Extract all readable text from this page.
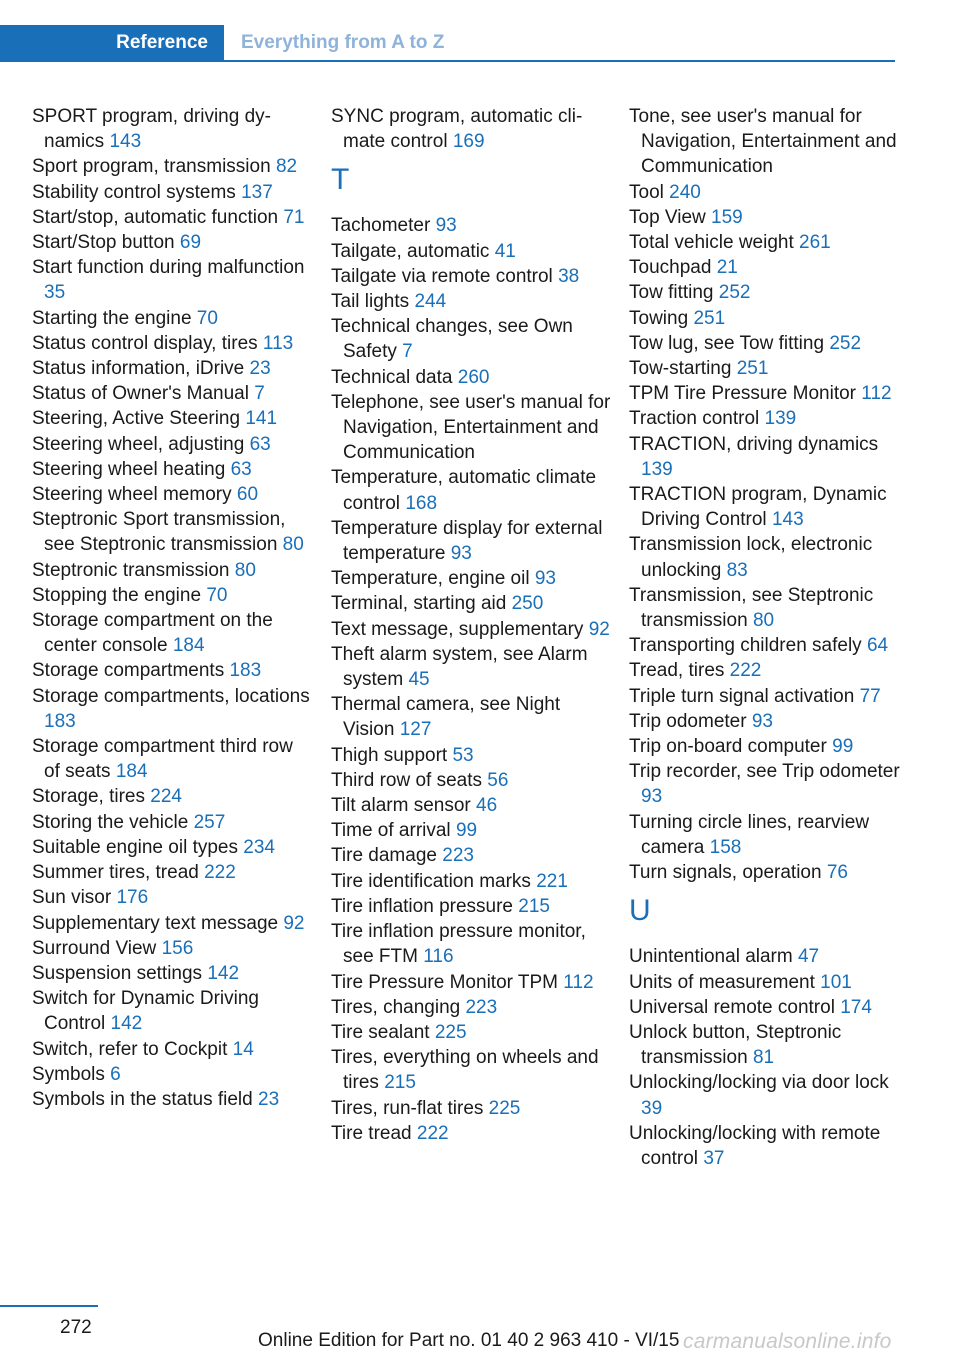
Reference Everything from A to Z
SPORT program, driving dynamics 143
Sport program, transmission 82
Stability control systems 137
Start/stop, automatic function 71
Start/Stop button 69
Start function during malfunction 35
Starting the engine 70
Status control display, tires 113
Status information, iDrive 23
Status of Owner's Manual 7
Steering, Active Steering 141
Steering wheel, adjusting 63
Steering wheel heating 63
Steering wheel memory 60
Steptronic Sport transmission, see Steptronic transmission 80
Steptronic transmission 80
Stopping the engine 70
Storage compartment on the center console 184
Storage compartments 183
Storage compartments, locations 183
Storage compartment third row of seats 184
Storage, tires 224
Storing the vehicle 257
Suitable engine oil types 234
Summer tires, tread 222
Sun visor 176
Supplementary text message 92
Surround View 156
Suspension settings 142
Switch for Dynamic Driving Control 142
Switch, refer to Cockpit 14
Symbols 6
Symbols in the status field 23
SYNC program, automatic climate control 169
T
Tachometer 93
Tailgate, automatic 41
Tailgate via remote control 38
Tail lights 244
Technical changes, see Own Safety 7
Technical data 260
Telephone, see user's manual for Navigation, Entertainment and Communication
Temperature, automatic climate control 168
Temperature display for external temperature 93
Temperature, engine oil 93
Terminal, starting aid 250
Text message, supplementary 92
Theft alarm system, see Alarm system 45
Thermal camera, see Night Vision 127
Thigh support 53
Third row of seats 56
Tilt alarm sensor 46
Time of arrival 99
Tire damage 223
Tire identification marks 221
Tire inflation pressure 215
Tire inflation pressure monitor, see FTM 116
Tire Pressure Monitor TPM 112
Tires, changing 223
Tire sealant 225
Tires, everything on wheels and tires 215
Tires, run-flat tires 225
Tire tread 222
Tone, see user's manual for Navigation, Entertainment and Communication
Tool 240
Top View 159
Total vehicle weight 261
Touchpad 21
Tow fitting 252
Towing 251
Tow lug, see Tow fitting 252
Tow-starting 251
TPM Tire Pressure Monitor 112
Traction control 139
TRACTION, driving dynamics 139
TRACTION program, Dynamic Driving Control 143
Transmission lock, electronic unlocking 83
Transmission, see Steptronic transmission 80
Transporting children safely 64
Tread, tires 222
Triple turn signal activation 77
Trip odometer 93
Trip on-board computer 99
Trip recorder, see Trip odometer 93
Turning circle lines, rearview camera 158
Turn signals, operation 76
U
Unintentional alarm 47
Units of measurement 101
Universal remote control 174
Unlock button, Steptronic transmission 81
Unlocking/locking via door lock 39
Unlocking/locking with remote control 37
272
Online Edition for Part no. 01 40 2 963 410 - VI/15 carmanualsonline.info
